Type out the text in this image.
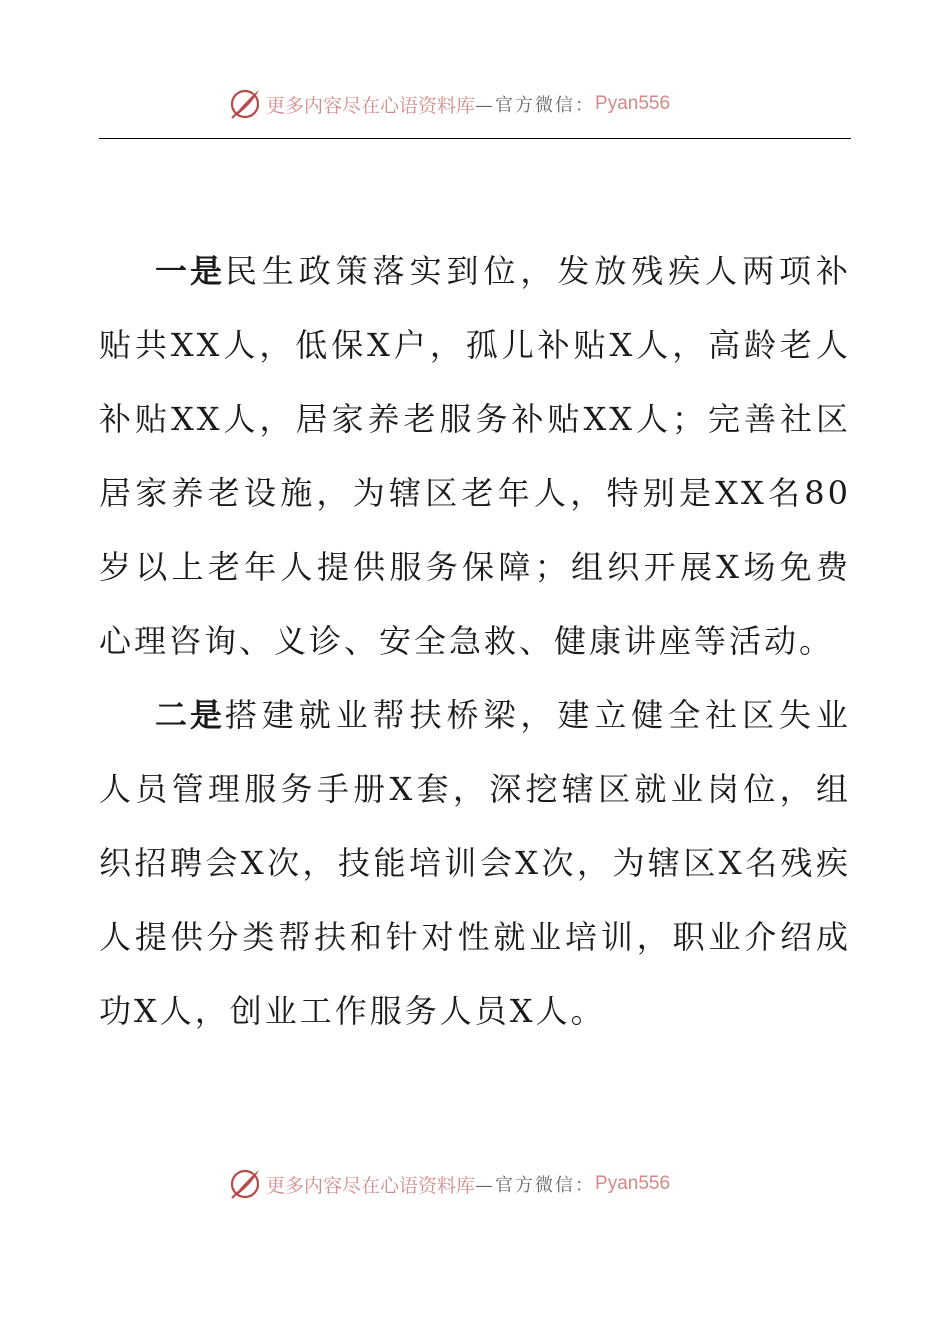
更多内容尽在心语资料库 —官方微信： Pyan556

一是民生政策落实到位，发放残疾人两项补贴共XX人，低保X户，孤儿补贴X人，高龄老人补贴XX人，居家养老服务补贴XX人；完善社区居家养老设施，为辖区老年人，特别是XX名80岁以上老年人提供服务保障；组织开展X场免费心理咨询、义诊、安全急救、健康讲座等活动。

二是搭建就业帮扶桥梁，建立健全社区失业人员管理服务手册X套，深挖辖区就业岗位，组织招聘会X次，技能培训会X次，为辖区X名残疾人提供分类帮扶和针对性就业培训，职业介绍成功X人，创业工作服务人员X人。

更多内容尽在心语资料库 —官方微信： Pyan556
